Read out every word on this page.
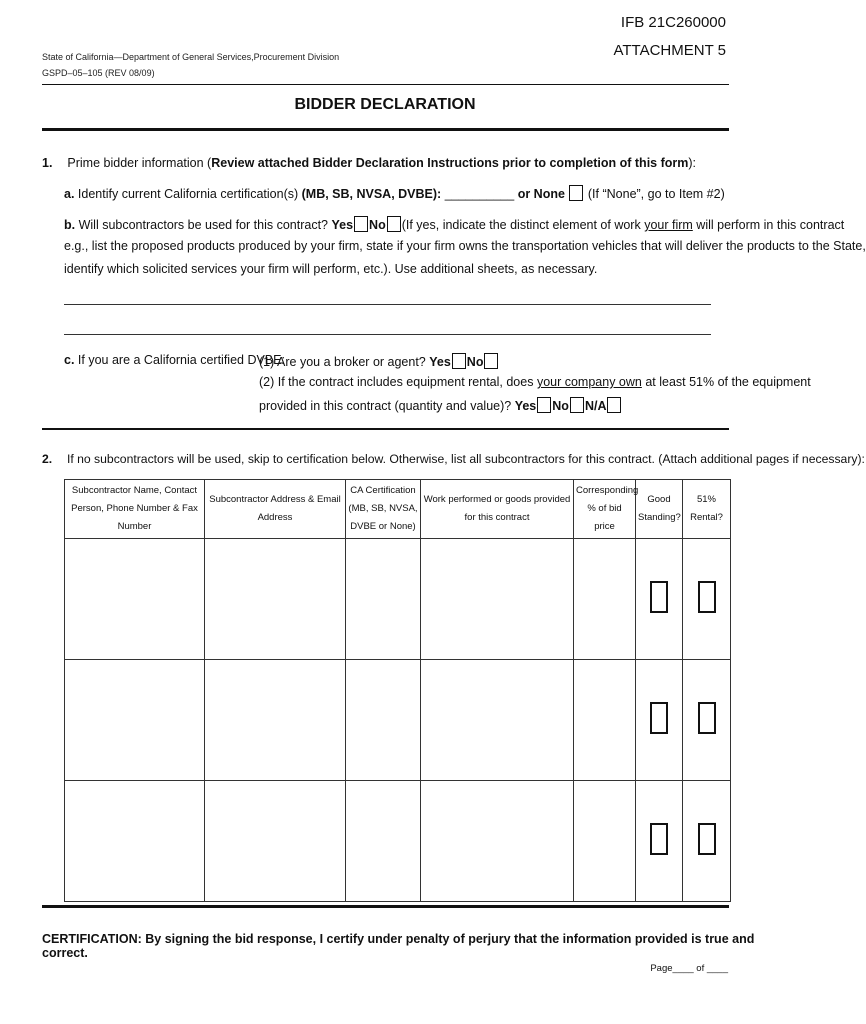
IFB 21C260000
ATTACHMENT 5
State of California—Department of General Services,Procurement Division
GSPD–05–105 (REV 08/09)
BIDDER DECLARATION
1. Prime bidder information (Review attached Bidder Declaration Instructions prior to completion of this form):
a. Identify current California certification(s) (MB, SB, NVSA, DVBE): __________ or None  (If “None”, go to Item #2)
b. Will subcontractors be used for this contract? Yes No (If yes, indicate the distinct element of work your firm will perform in this contract
e.g., list the proposed products produced by your firm, state if your firm owns the transportation vehicles that will deliver the products to the State,
identify which solicited services your firm will perform, etc.). Use additional sheets, as necessary.
c. If you are a California certified DVBE:
(1) Are you a broker or agent? Yes No
(2) If the contract includes equipment rental, does your company own at least 51% of the equipment
provided in this contract (quantity and value)? Yes No N/A
2. If no subcontractors will be used, skip to certification below. Otherwise, list all subcontractors for this contract. (Attach additional pages if necessary):
Subcontractor Name, Contact Person, Phone Number & Fax Number	Subcontractor Address & Email Address	CA Certification (MB, SB, NVSA, DVBE or None)	Work performed or goods provided for this contract	Corresponding % of bid price	Good Standing?	51% Rental?

CERTIFICATION: By signing the bid response, I certify under penalty of perjury that the information provided is true and correct.
Page____ of ____
